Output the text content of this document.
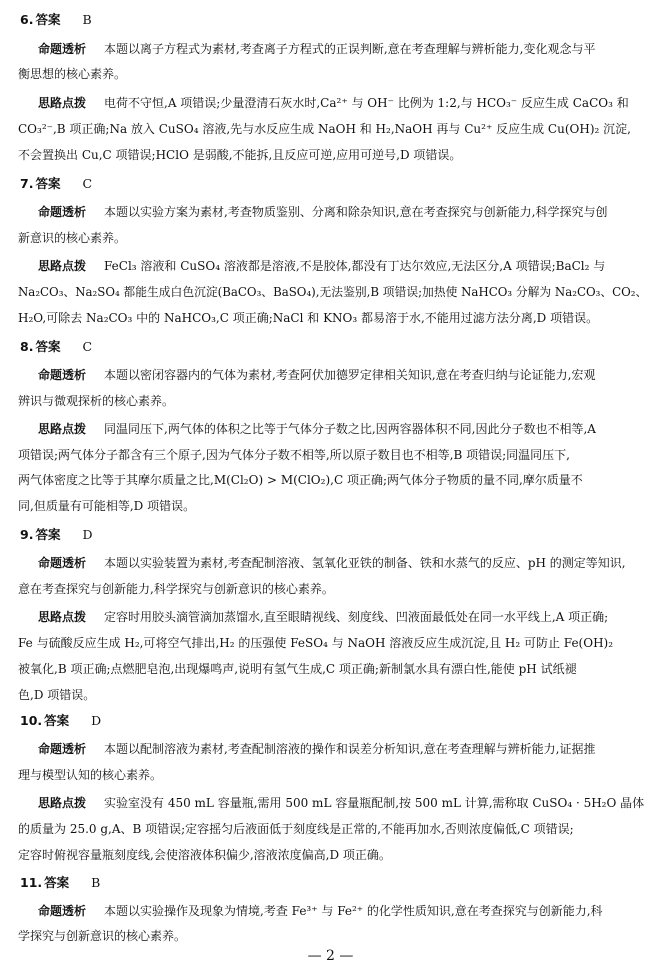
6. 答案 B
命题透析 本题以离子方程式为素材,考查离子方程式的正误判断,意在考查理解与辨析能力,变化观念与平
衡思想的核心素养。
思路点拨 电荷不守恒,A 项错误;少量澄清石灰水时,Ca²⁺ 与 OH⁻ 比例为 1:2,与 HCO₃⁻ 反应生成 CaCO₃ 和
CO₃²⁻,B 项正确;Na 放入 CuSO₄ 溶液,先与水反应生成 NaOH 和 H₂,NaOH 再与 Cu²⁺ 反应生成 Cu(OH)₂ 沉淀,
不会置换出 Cu,C 项错误;HClO 是弱酸,不能拆,且反应可逆,应用可逆号,D 项错误。
7. 答案 C
命题透析 本题以实验方案为素材,考查物质鉴别、分离和除杂知识,意在考查探究与创新能力,科学探究与创
新意识的核心素养。
思路点拨 FeCl₃ 溶液和 CuSO₄ 溶液都是溶液,不是胶体,都没有丁达尔效应,无法区分,A 项错误;BaCl₂ 与
Na₂CO₃、Na₂SO₄ 都能生成白色沉淀(BaCO₃、BaSO₄),无法鉴别,B 项错误;加热使 NaHCO₃ 分解为 Na₂CO₃、CO₂、
H₂O,可除去 Na₂CO₃ 中的 NaHCO₃,C 项正确;NaCl 和 KNO₃ 都易溶于水,不能用过滤方法分离,D 项错误。
8. 答案 C
命题透析 本题以密闭容器内的气体为素材,考查阿伏加德罗定律相关知识,意在考查归纳与论证能力,宏观
辨识与微观探析的核心素养。
思路点拨 同温同压下,两气体的体积之比等于气体分子数之比,因两容器体积不同,因此分子数也不相等,A
项错误;两气体分子都含有三个原子,因为气体分子数不相等,所以原子数目也不相等,B 项错误;同温同压下,
两气体密度之比等于其摩尔质量之比,M(Cl₂O) > M(ClO₂),C 项正确;两气体分子物质的量不同,摩尔质量不
同,但质量有可能相等,D 项错误。
9. 答案 D
命题透析 本题以实验装置为素材,考查配制溶液、氢氧化亚铁的制备、铁和水蒸气的反应、pH 的测定等知识,
意在考查探究与创新能力,科学探究与创新意识的核心素养。
思路点拨 定容时用胶头滴管滴加蒸馏水,直至眼睛视线、刻度线、凹液面最低处在同一水平线上,A 项正确;
Fe 与硫酸反应生成 H₂,可将空气排出,H₂ 的压强使 FeSO₄ 与 NaOH 溶液反应生成沉淀,且 H₂ 可防止 Fe(OH)₂
被氧化,B 项正确;点燃肥皂泡,出现爆鸣声,说明有氢气生成,C 项正确;新制氯水具有漂白性,能使 pH 试纸褪
色,D 项错误。
10. 答案 D
命题透析 本题以配制溶液为素材,考查配制溶液的操作和误差分析知识,意在考查理解与辨析能力,证据推
理与模型认知的核心素养。
思路点拨 实验室没有 450 mL 容量瓶,需用 500 mL 容量瓶配制,按 500 mL 计算,需称取 CuSO₄ · 5H₂O 晶体
的质量为 25.0 g,A、B 项错误;定容摇匀后液面低于刻度线是正常的,不能再加水,否则浓度偏低,C 项错误;
定容时俯视容量瓶刻度线,会使溶液体积偏少,溶液浓度偏高,D 项正确。
11. 答案 B
命题透析 本题以实验操作及现象为情境,考查 Fe³⁺ 与 Fe²⁺ 的化学性质知识,意在考查探究与创新能力,科
学探究与创新意识的核心素养。
— 2 —
